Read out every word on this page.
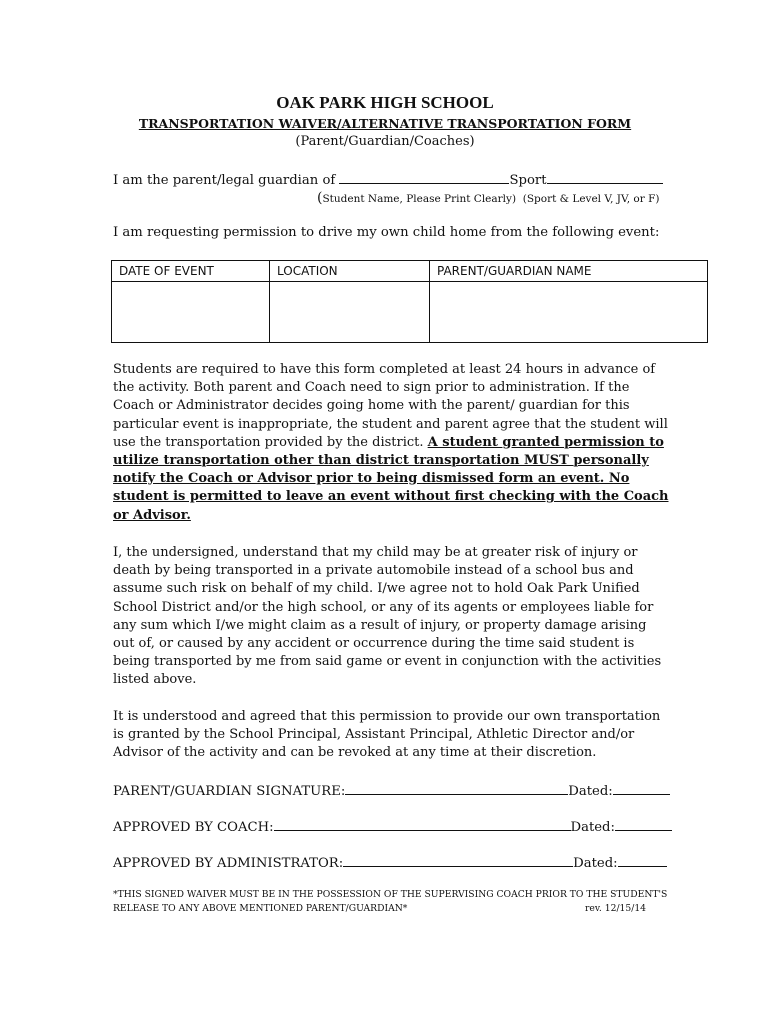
OAK PARK HIGH SCHOOL
TRANSPORTATION WAIVER/ALTERNATIVE TRANSPORTATION FORM
(Parent/Guardian/Coaches)
I am the parent/legal guardian of	Sport
(Student Name, Please Print Clearly) (Sport & Level V, JV, or F)
I am requesting permission to drive my own child home from the following event:
DATE OF EVENT	LOCATION	PARENT/GUARDIAN NAME

Students are required to have this form completed at least 24 hours in advance of the activity. Both parent and Coach need to sign prior to administration. If the Coach or Administrator decides going home with the parent/ guardian for this particular event is inappropriate, the student and parent agree that the student will use the transportation provided by the district. A student granted permission to utilize transportation other than district transportation MUST personally notify the Coach or Advisor prior to being dismissed form an event. No student is permitted to leave an event without first checking with the Coach or Advisor.
I, the undersigned, understand that my child may be at greater risk of injury or death by being transported in a private automobile instead of a school bus and assume such risk on behalf of my child. I/we agree not to hold Oak Park Unified School District and/or the high school, or any of its agents or employees liable for any sum which I/we might claim as a result of injury, or property damage arising out of, or caused by any accident or occurrence during the time said student is being transported by me from said game or event in conjunction with the activities listed above.
It is understood and agreed that this permission to provide our own transportation is granted by the School Principal, Assistant Principal, Athletic Director and/or Advisor of the activity and can be revoked at any time at their discretion.
PARENT/GUARDIAN SIGNATURE:	Dated:
APPROVED BY COACH:	Dated:
APPROVED BY ADMINISTRATOR:	Dated:
*THIS SIGNED WAIVER MUST BE IN THE POSSESSION OF THE SUPERVISING COACH PRIOR TO THE STUDENT'S
RELEASE TO ANY ABOVE MENTIONED PARENT/GUARDIAN*	rev. 12/15/14
